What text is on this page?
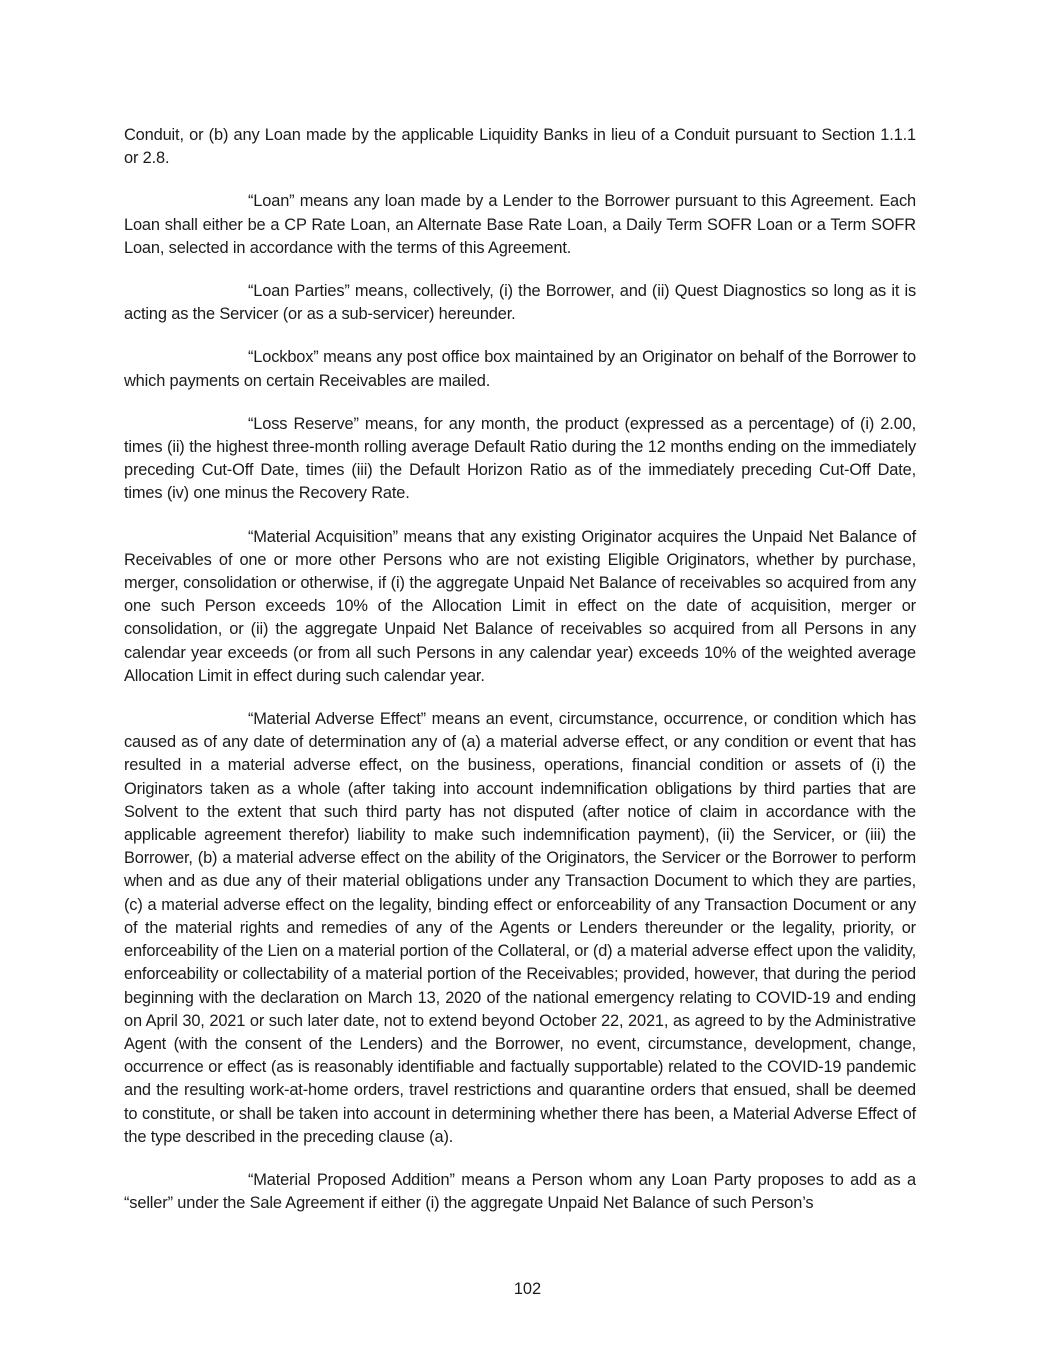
Conduit, or (b) any Loan made by the applicable Liquidity Banks in lieu of a Conduit pursuant to Section 1.1.1 or 2.8.

“Loan” means any loan made by a Lender to the Borrower pursuant to this Agreement. Each Loan shall either be a CP Rate Loan, an Alternate Base Rate Loan, a Daily Term SOFR Loan or a Term SOFR Loan, selected in accordance with the terms of this Agreement.

“Loan Parties” means, collectively, (i) the Borrower, and (ii) Quest Diagnostics so long as it is acting as the Servicer (or as a sub-servicer) hereunder.

“Lockbox” means any post office box maintained by an Originator on behalf of the Borrower to which payments on certain Receivables are mailed.

“Loss Reserve” means, for any month, the product (expressed as a percentage) of (i) 2.00, times (ii) the highest three-month rolling average Default Ratio during the 12 months ending on the immediately preceding Cut-Off Date, times (iii) the Default Horizon Ratio as of the immediately preceding Cut-Off Date, times (iv) one minus the Recovery Rate.

“Material Acquisition” means that any existing Originator acquires the Unpaid Net Balance of Receivables of one or more other Persons who are not existing Eligible Originators, whether by purchase, merger, consolidation or otherwise, if (i) the aggregate Unpaid Net Balance of receivables so acquired from any one such Person exceeds 10% of the Allocation Limit in effect on the date of acquisition, merger or consolidation, or (ii) the aggregate Unpaid Net Balance of receivables so acquired from all Persons in any calendar year exceeds (or from all such Persons in any calendar year) exceeds 10% of the weighted average Allocation Limit in effect during such calendar year.

“Material Adverse Effect” means an event, circumstance, occurrence, or condition which has caused as of any date of determination any of (a) a material adverse effect, or any condition or event that has resulted in a material adverse effect, on the business, operations, financial condition or assets of (i) the Originators taken as a whole (after taking into account indemnification obligations by third parties that are Solvent to the extent that such third party has not disputed (after notice of claim in accordance with the applicable agreement therefor) liability to make such indemnification payment), (ii) the Servicer, or (iii) the Borrower, (b) a material adverse effect on the ability of the Originators, the Servicer or the Borrower to perform when and as due any of their material obligations under any Transaction Document to which they are parties, (c) a material adverse effect on the legality, binding effect or enforceability of any Transaction Document or any of the material rights and remedies of any of the Agents or Lenders thereunder or the legality, priority, or enforceability of the Lien on a material portion of the Collateral, or (d) a material adverse effect upon the validity, enforceability or collectability of a material portion of the Receivables; provided, however, that during the period beginning with the declaration on March 13, 2020 of the national emergency relating to COVID-19 and ending on April 30, 2021 or such later date, not to extend beyond October 22, 2021, as agreed to by the Administrative Agent (with the consent of the Lenders) and the Borrower, no event, circumstance, development, change, occurrence or effect (as is reasonably identifiable and factually supportable) related to the COVID-19 pandemic and the resulting work-at-home orders, travel restrictions and quarantine orders that ensued, shall be deemed to constitute, or shall be taken into account in determining whether there has been, a Material Adverse Effect of the type described in the preceding clause (a).

“Material Proposed Addition” means a Person whom any Loan Party proposes to add as a “seller” under the Sale Agreement if either (i) the aggregate Unpaid Net Balance of such Person’s

102
